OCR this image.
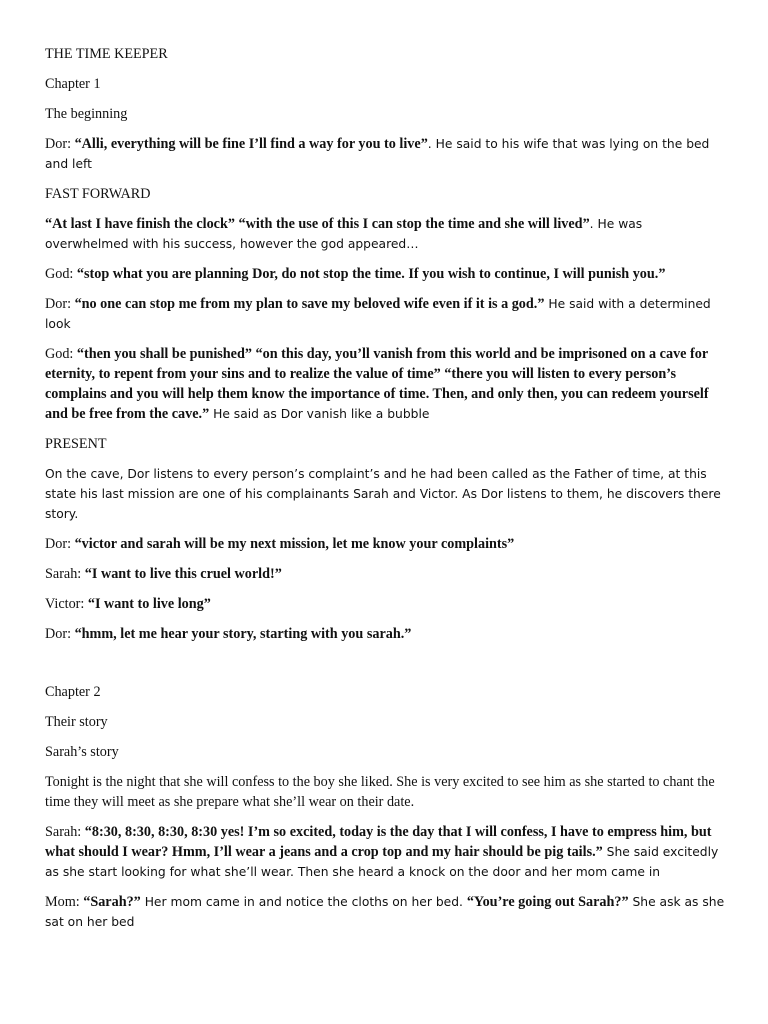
THE TIME KEEPER

Chapter 1

The beginning

Dor: “Alli, everything will be fine I’ll find a way for you to live”. He said to his wife that was lying on the bed and left

FAST FORWARD

“At last I have finish the clock” “with the use of this I can stop the time and she will lived”. He was overwhelmed with his success, however the god appeared…

God: “stop what you are planning Dor, do not stop the time. If you wish to continue, I will punish you.”

Dor: “no one can stop me from my plan to save my beloved wife even if it is a god.” He said with a determined look

God: “then you shall be punished” “on this day, you’ll vanish from this world and be imprisoned on a cave for eternity, to repent from your sins and to realize the value of time” “there you will listen to every person’s complains and you will help them know the importance of time. Then, and only then, you can redeem yourself and be free from the cave.” He said as Dor vanish like a bubble

PRESENT

On the cave, Dor listens to every person’s complaint’s and he had been called as the Father of time, at this state his last mission are one of his complainants Sarah and Victor. As Dor listens to them, he discovers there story.

Dor: “victor and sarah will be my next mission, let me know your complaints”

Sarah: “I want to live this cruel world!”

Victor: “I want to live long”

Dor: “hmm, let me hear your story, starting with you sarah.”

Chapter 2

Their story

Sarah’s story

Tonight is the night that she will confess to the boy she liked. She is very excited to see him as she started to chant the time they will meet as she prepare what she’ll wear on their date.

Sarah: “8:30, 8:30, 8:30, 8:30 yes! I’m so excited, today is the day that I will confess, I have to empress him, but what should I wear? Hmm, I’ll wear a jeans and a crop top and my hair should be pig tails.” She said excitedly as she start looking for what she’ll wear. Then she heard a knock on the door and her mom came in

Mom: “Sarah?” Her mom came in and notice the cloths on her bed. “You’re going out Sarah?” She ask as she sat on her bed
